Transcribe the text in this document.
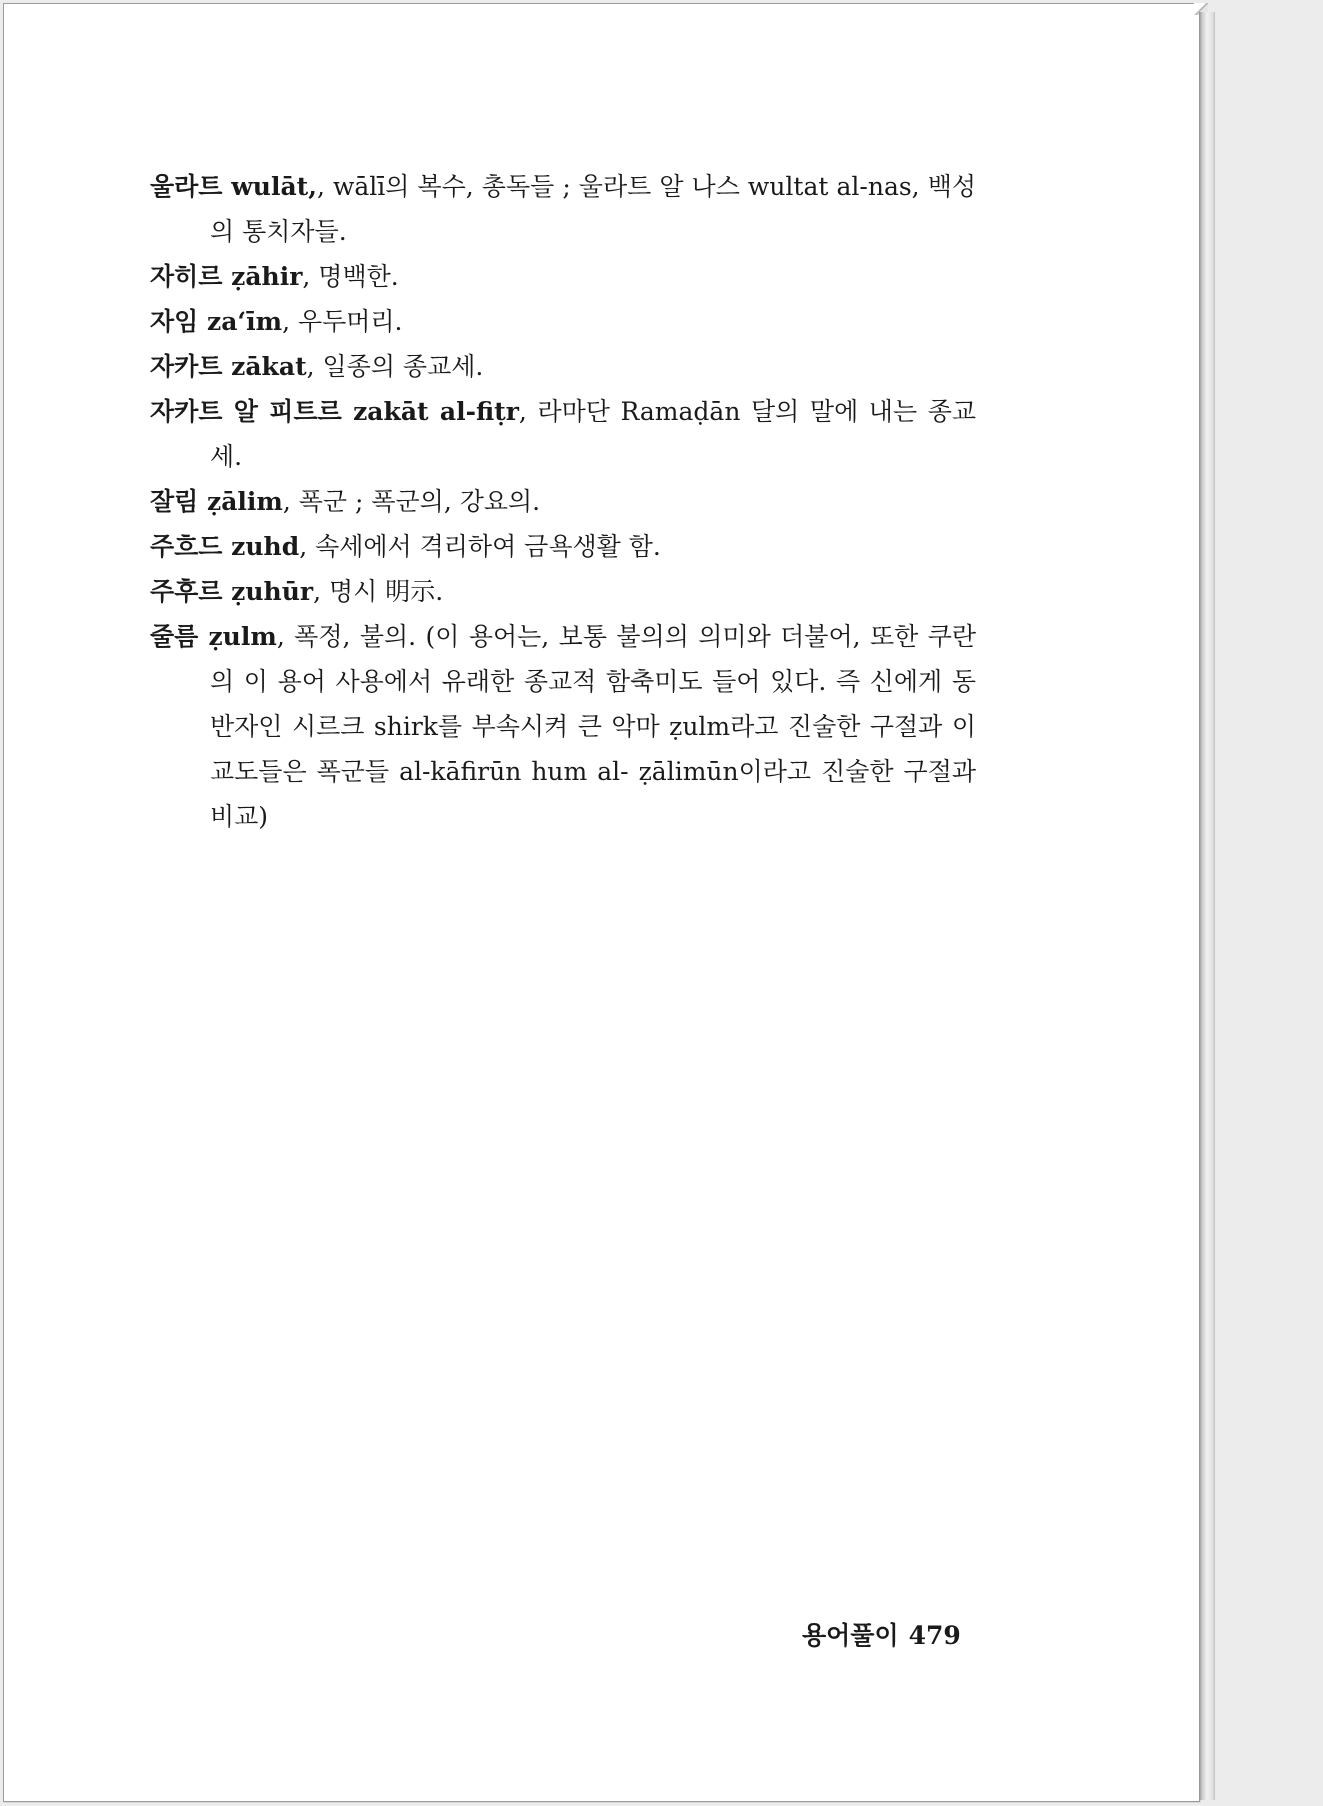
울라트 wulāt,, wālī의 복수, 총독들 ; 울라트 알 나스 wultat al-nas, 백성의 통치자들.

자히르 ẓāhir, 명백한.

자임 za‘īm, 우두머리.

자카트 zākat, 일종의 종교세.

자카트 알 피트르 zakāt al-fiṭr, 라마단 Ramaḍān 달의 말에 내는 종교세.

잘림 ẓālim, 폭군 ; 폭군의, 강요의.

주흐드 zuhd, 속세에서 격리하여 금욕생활 함.

주후르 ẓuhūr, 명시 明示.

줄름 ẓulm, 폭정, 불의. (이 용어는, 보통 불의의 의미와 더불어, 또한 쿠란의 이 용어 사용에서 유래한 종교적 함축미도 들어 있다. 즉 신에게 동반자인 시르크 shirk를 부속시켜 큰 악마 ẓulm라고 진술한 구절과 이교도들은 폭군들 al-kāfirūn hum al- ẓālimūn이라고 진술한 구절과 비교)

용어풀이 479
